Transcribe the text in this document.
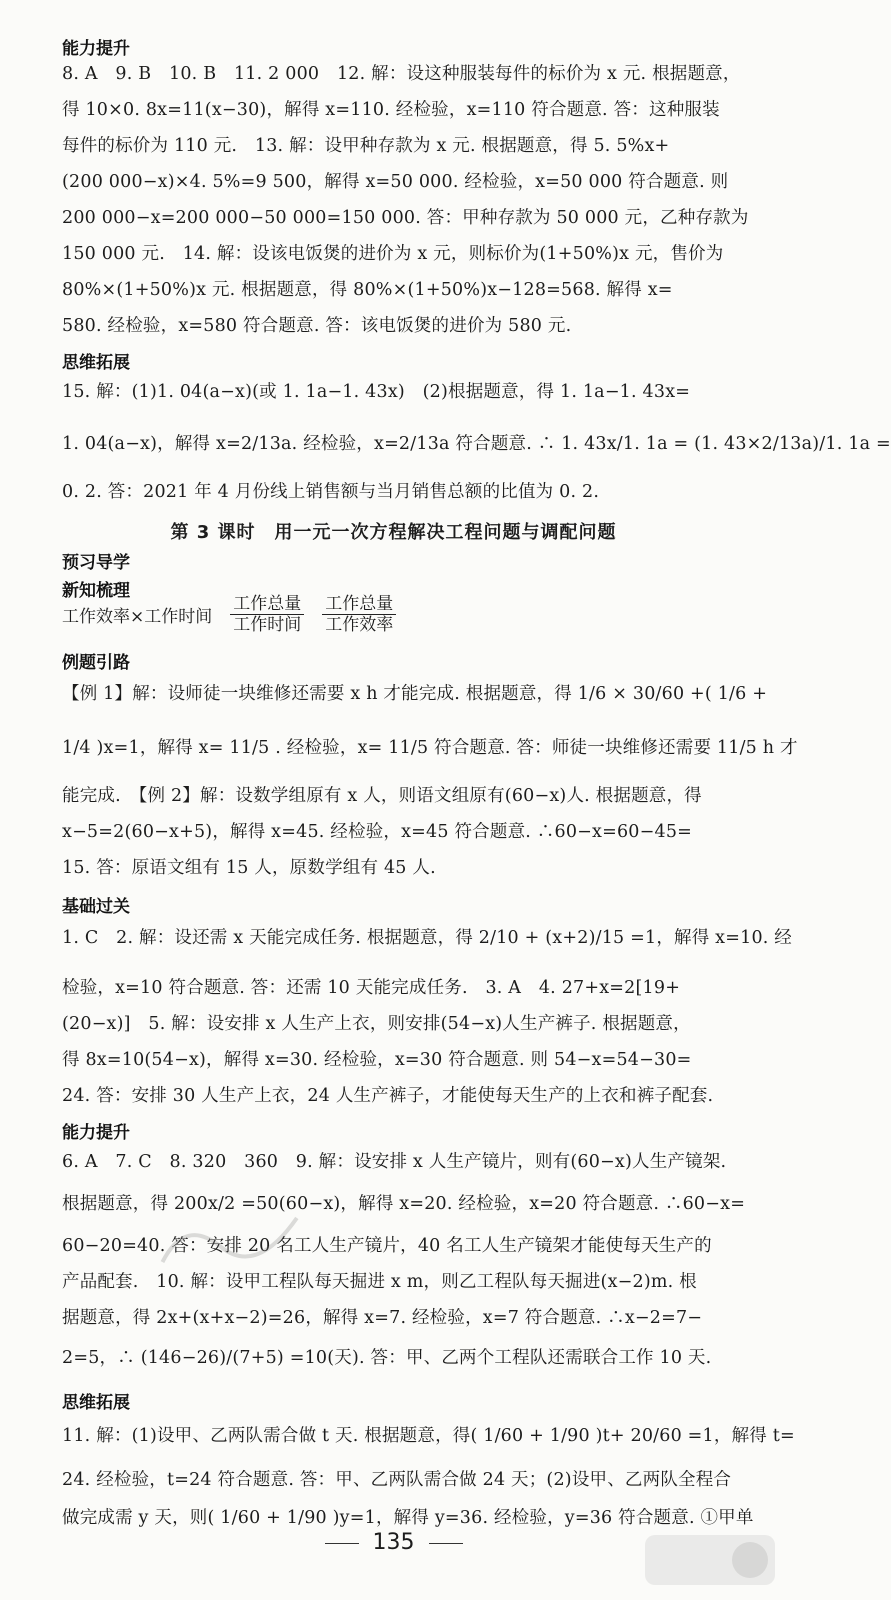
能力提升
8. A　9. B　10. B　11. 2 000　12. 解：设这种服装每件的标价为 x 元. 根据题意，
得 10×0. 8x=11(x−30)，解得 x=110. 经检验，x=110 符合题意. 答：这种服装
每件的标价为 110 元.　13. 解：设甲种存款为 x 元. 根据题意，得 5. 5%x+
(200 000−x)×4. 5%=9 500，解得 x=50 000. 经检验，x=50 000 符合题意. 则
200 000−x=200 000−50 000=150 000. 答：甲种存款为 50 000 元，乙种存款为
150 000 元.　14. 解：设该电饭煲的进价为 x 元，则标价为(1+50%)x 元，售价为
80%×(1+50%)x 元. 根据题意，得 80%×(1+50%)x−128=568. 解得 x=
580. 经检验，x=580 符合题意. 答：该电饭煲的进价为 580 元.
思维拓展
15. 解：(1)1. 04(a−x)(或 1. 1a−1. 43x)　(2)根据题意，得 1. 1a−1. 43x=
1. 04(a−x)，解得 x=2/13a. 经检验，x=2/13a 符合题意. ∴ 1. 43x/1. 1a = (1. 43×2/13a)/1. 1a =
0. 2. 答：2021 年 4 月份线上销售额与当月销售总额的比值为 0. 2.
第 3 课时　用一元一次方程解决工程问题与调配问题
预习导学
新知梳理
工作效率×工作时间 $\frac{\text{工作总量}}{\text{工作时间}} \frac{\text{工作总量}}{\text{工作效率}}$
例题引路
【例 1】解：设师徒一块维修还需要 x h 才能完成. 根据题意，得 1/6 × 30/60 +( 1/6 +
1/4 )x=1，解得 x= 11/5 . 经检验，x= 11/5 符合题意. 答：师徒一块维修还需要 11/5 h 才
能完成.　【例 2】解：设数学组原有 x 人，则语文组原有(60−x)人. 根据题意，得
x−5=2(60−x+5)，解得 x=45. 经检验，x=45 符合题意. ∴60−x=60−45=
15. 答：原语文组有 15 人，原数学组有 45 人.
基础过关
1. C　2. 解：设还需 x 天能完成任务. 根据题意，得 2/10 + (x+2)/15 =1，解得 x=10. 经
检验，x=10 符合题意. 答：还需 10 天能完成任务.　3. A　4. 27+x=2[19+
(20−x)]　5. 解：设安排 x 人生产上衣，则安排(54−x)人生产裤子. 根据题意，
得 8x=10(54−x)，解得 x=30. 经检验，x=30 符合题意. 则 54−x=54−30=
24. 答：安排 30 人生产上衣，24 人生产裤子，才能使每天生产的上衣和裤子配套.
能力提升
6. A　7. C　8. 320　360　9. 解：设安排 x 人生产镜片，则有(60−x)人生产镜架.
根据题意，得 200x/2 =50(60−x)，解得 x=20. 经检验，x=20 符合题意. ∴60−x=
60−20=40. 答：安排 20 名工人生产镜片，40 名工人生产镜架才能使每天生产的
产品配套.　10. 解：设甲工程队每天掘进 x m，则乙工程队每天掘进(x−2)m. 根
据题意，得 2x+(x+x−2)=26，解得 x=7. 经检验，x=7 符合题意. ∴x−2=7−
2=5，∴ (146−26)/(7+5) =10(天). 答：甲、乙两个工程队还需联合工作 10 天.
思维拓展
11. 解：(1)设甲、乙两队需合做 t 天. 根据题意，得( 1/60 + 1/90 )t+ 20/60 =1，解得 t=
24. 经检验，t=24 符合题意. 答：甲、乙两队需合做 24 天；(2)设甲、乙两队全程合
做完成需 y 天，则( 1/60 + 1/90 )y=1，解得 y=36. 经检验，y=36 符合题意. ①甲单
135
